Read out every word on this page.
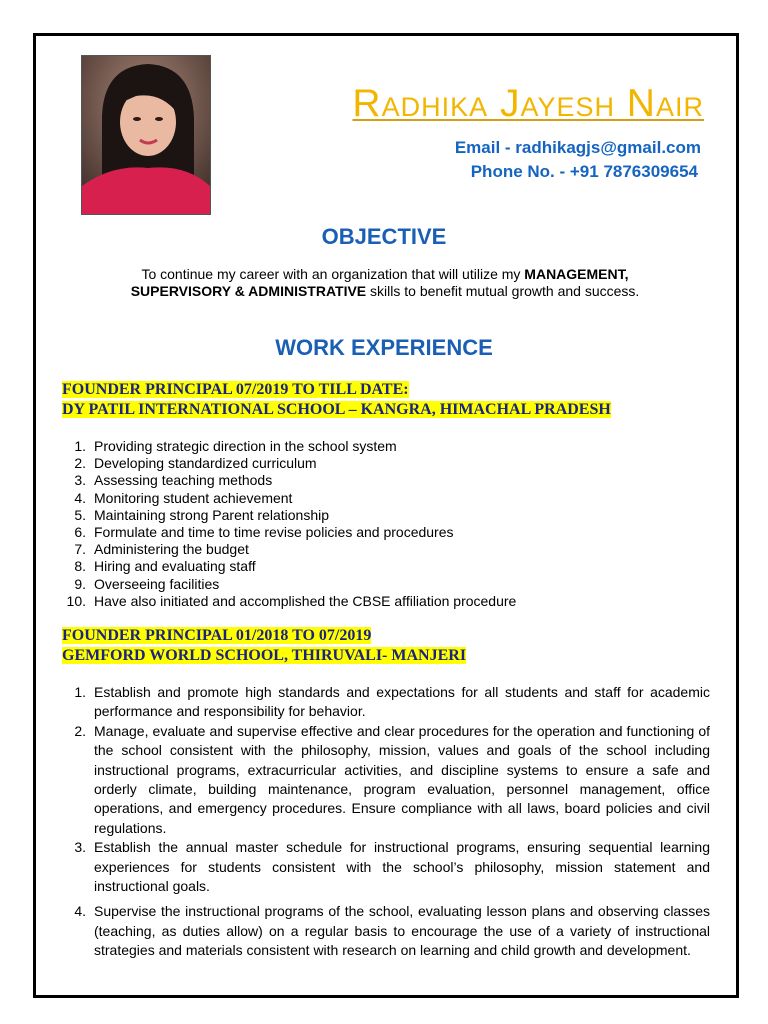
Radhika Jayesh Nair
Email - radhikagjs@gmail.com
Phone No. - +91 7876309654
OBJECTIVE

To continue my career with an organization that will utilize my MANAGEMENT, SUPERVISORY & ADMINISTRATIVE skills to benefit mutual growth and success.

WORK EXPERIENCE
FOUNDER PRINCIPAL 07/2019 TO TILL DATE:
DY PATIL INTERNATIONAL SCHOOL – KANGRA, HIMACHAL PRADESH
1. Providing strategic direction in the school system
2. Developing standardized curriculum
3. Assessing teaching methods
4. Monitoring student achievement
5. Maintaining strong Parent relationship
6. Formulate and time to time revise policies and procedures
7. Administering the budget
8. Hiring and evaluating staff
9. Overseeing facilities
10. Have also initiated and accomplished the CBSE affiliation procedure
FOUNDER PRINCIPAL 01/2018 TO 07/2019
GEMFORD WORLD SCHOOL, THIRUVALI- MANJERI
1. Establish and promote high standards and expectations for all students and staff for academic performance and responsibility for behavior.
2. Manage, evaluate and supervise effective and clear procedures for the operation and functioning of the school consistent with the philosophy, mission, values and goals of the school including instructional programs, extracurricular activities, and discipline systems to ensure a safe and orderly climate, building maintenance, program evaluation, personnel management, office operations, and emergency procedures. Ensure compliance with all laws, board policies and civil regulations.
3. Establish the annual master schedule for instructional programs, ensuring sequential learning experiences for students consistent with the school’s philosophy, mission statement and instructional goals.
4. Supervise the instructional programs of the school, evaluating lesson plans and observing classes (teaching, as duties allow) on a regular basis to encourage the use of a variety of instructional strategies and materials consistent with research on learning and child growth and development.
